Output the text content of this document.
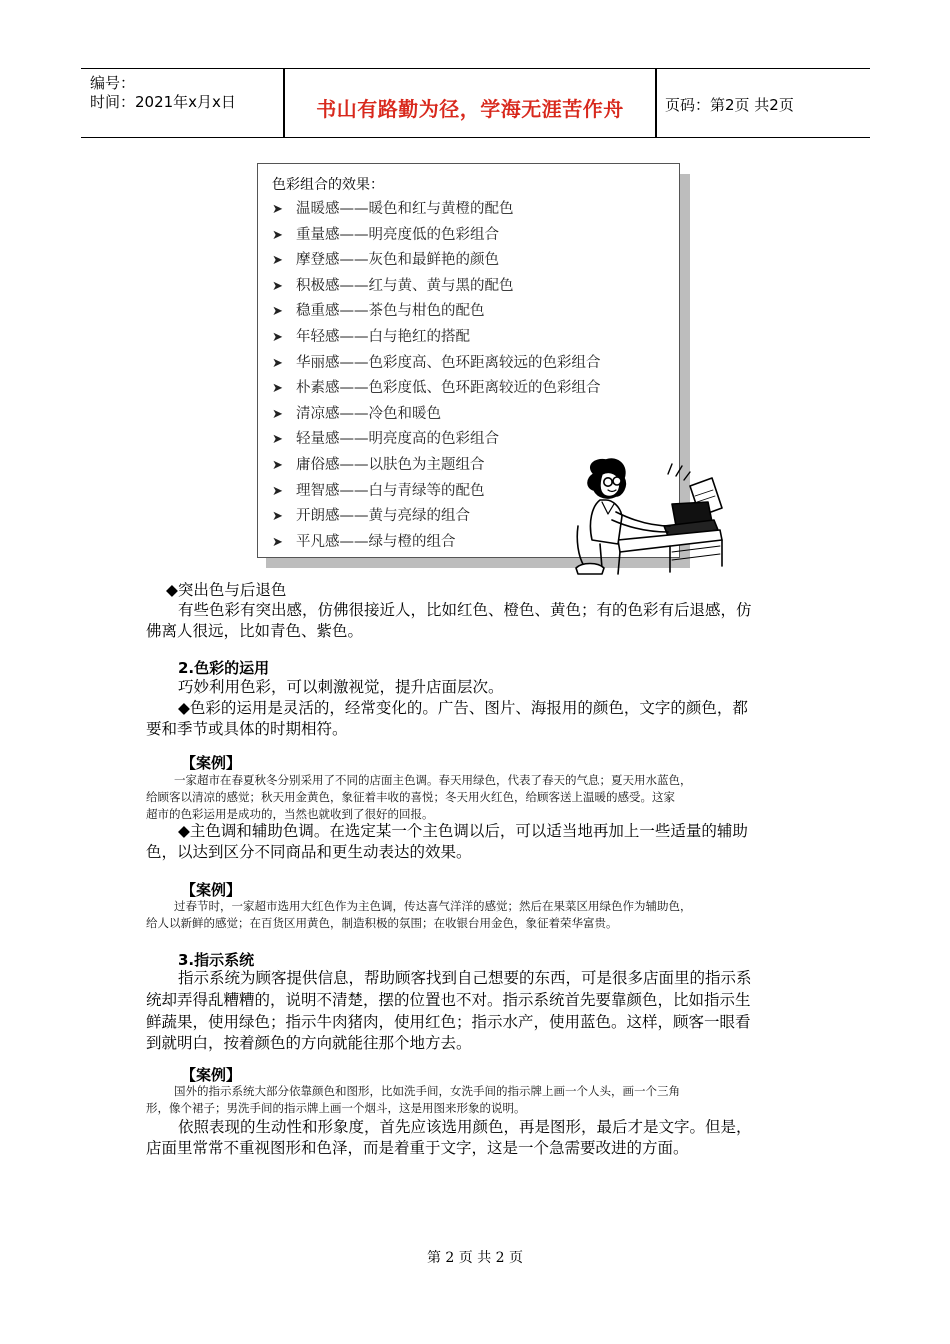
编号：
时间：2021年x月x日	书山有路勤为径，学海无涯苦作舟	页码：第2页 共2页
色彩组合的效果：
➤ 温暖感——暖色和红与黄橙的配色
➤ 重量感——明亮度低的色彩组合
➤ 摩登感——灰色和最鲜艳的颜色
➤ 积极感——红与黄、黄与黑的配色
➤ 稳重感——茶色与柑色的配色
➤ 年轻感——白与艳红的搭配
➤ 华丽感——色彩度高、色环距离较远的色彩组合
➤ 朴素感——色彩度低、色环距离较近的色彩组合
➤ 清凉感——冷色和暖色
➤ 轻量感——明亮度高的色彩组合
➤ 庸俗感——以肤色为主题组合
➤ 理智感——白与青绿等的配色
➤ 开朗感——黄与亮绿的组合
➤ 平凡感——绿与橙的组合
◆突出色与后退色
有些色彩有突出感，仿佛很接近人，比如红色、橙色、黄色；有的色彩有后退感，仿
佛离人很远，比如青色、紫色。
2.色彩的运用
巧妙利用色彩，可以刺激视觉，提升店面层次。
◆色彩的运用是灵活的，经常变化的。广告、图片、海报用的颜色，文字的颜色，都
要和季节或具体的时期相符。
【案例】
一家超市在春夏秋冬分别采用了不同的店面主色调。春天用绿色，代表了春天的气息；夏天用水蓝色，
给顾客以清凉的感觉；秋天用金黄色，象征着丰收的喜悦；冬天用火红色，给顾客送上温暖的感受。这家
超市的色彩运用是成功的，当然也就收到了很好的回报。
◆主色调和辅助色调。在选定某一个主色调以后，可以适当地再加上一些适量的辅助
色，以达到区分不同商品和更生动表达的效果。
【案例】
过春节时，一家超市选用大红色作为主色调，传达喜气洋洋的感觉；然后在果菜区用绿色作为辅助色，
给人以新鲜的感觉；在百货区用黄色，制造积极的氛围；在收银台用金色，象征着荣华富贵。
3.指示系统
指示系统为顾客提供信息，帮助顾客找到自己想要的东西，可是很多店面里的指示系
统却弄得乱糟糟的，说明不清楚，摆的位置也不对。指示系统首先要靠颜色，比如指示生
鲜蔬果，使用绿色；指示牛肉猪肉，使用红色；指示水产，使用蓝色。这样，顾客一眼看
到就明白，按着颜色的方向就能往那个地方去。
【案例】
国外的指示系统大部分依靠颜色和图形，比如洗手间，女洗手间的指示牌上画一个人头，画一个三角
形，像个裙子；男洗手间的指示牌上画一个烟斗，这是用图来形象的说明。
依照表现的生动性和形象度，首先应该选用颜色，再是图形，最后才是文字。但是，
店面里常常不重视图形和色泽，而是着重于文字，这是一个急需要改进的方面。
第 2 页 共 2 页
